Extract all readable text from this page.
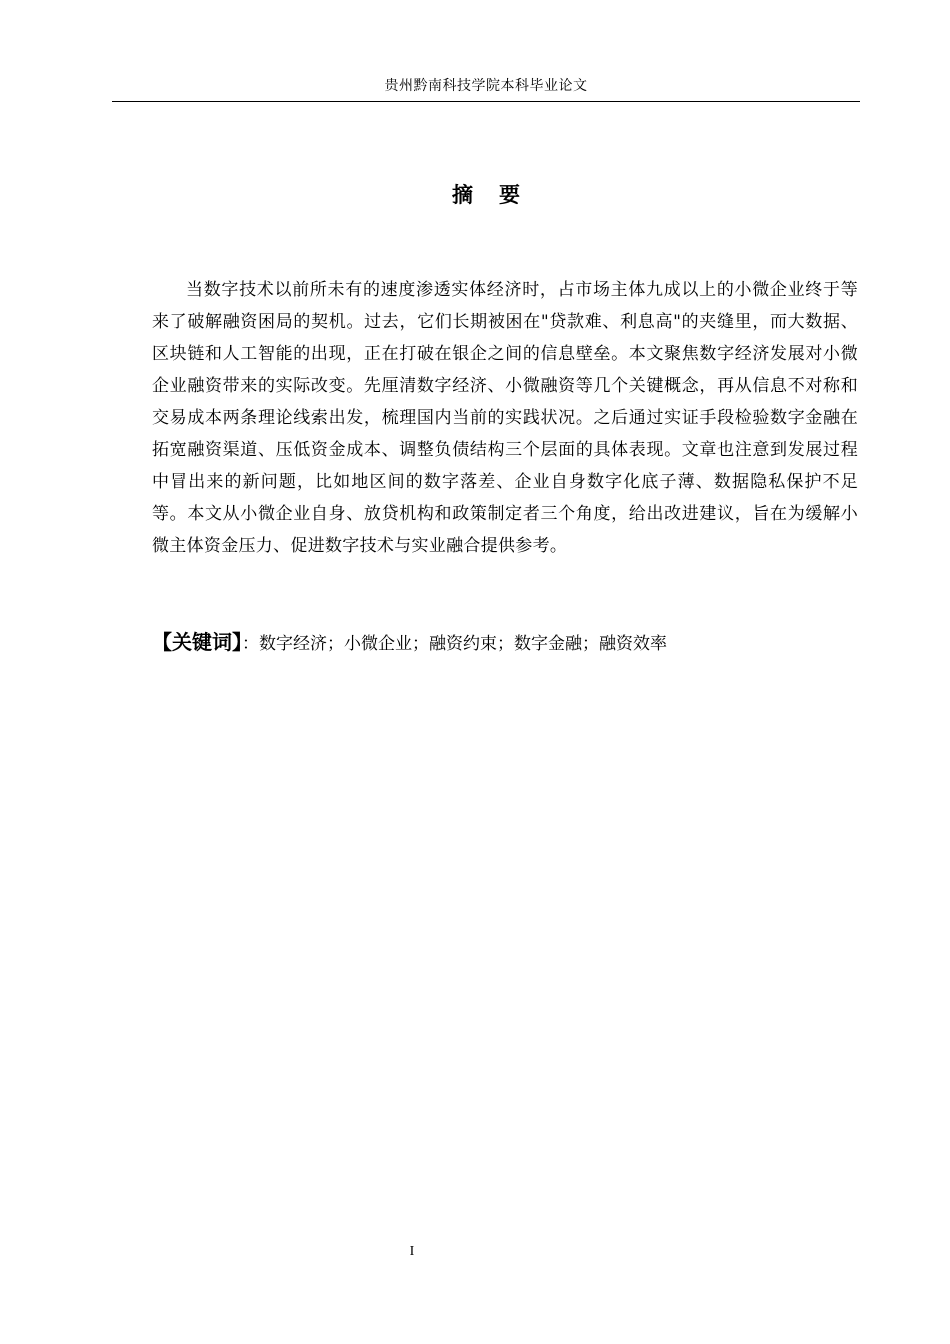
贵州黔南科技学院本科毕业论文
摘要

当数字技术以前所未有的速度渗透实体经济时，占市场主体九成以上的小微企业终于等来了破解融资困局的契机。过去，它们长期被困在"贷款难、利息高"的夹缝里，而大数据、区块链和人工智能的出现，正在打破在银企之间的信息壁垒。本文聚焦数字经济发展对小微企业融资带来的实际改变。先厘清数字经济、小微融资等几个关键概念，再从信息不对称和交易成本两条理论线索出发，梳理国内当前的实践状况。之后通过实证手段检验数字金融在拓宽融资渠道、压低资金成本、调整负债结构三个层面的具体表现。文章也注意到发展过程中冒出来的新问题，比如地区间的数字落差、企业自身数字化底子薄、数据隐私保护不足等。本文从小微企业自身、放贷机构和政策制定者三个角度，给出改进建议，旨在为缓解小微主体资金压力、促进数字技术与实业融合提供参考。

【关键词】：数字经济；小微企业；融资约束；数字金融；融资效率
I
